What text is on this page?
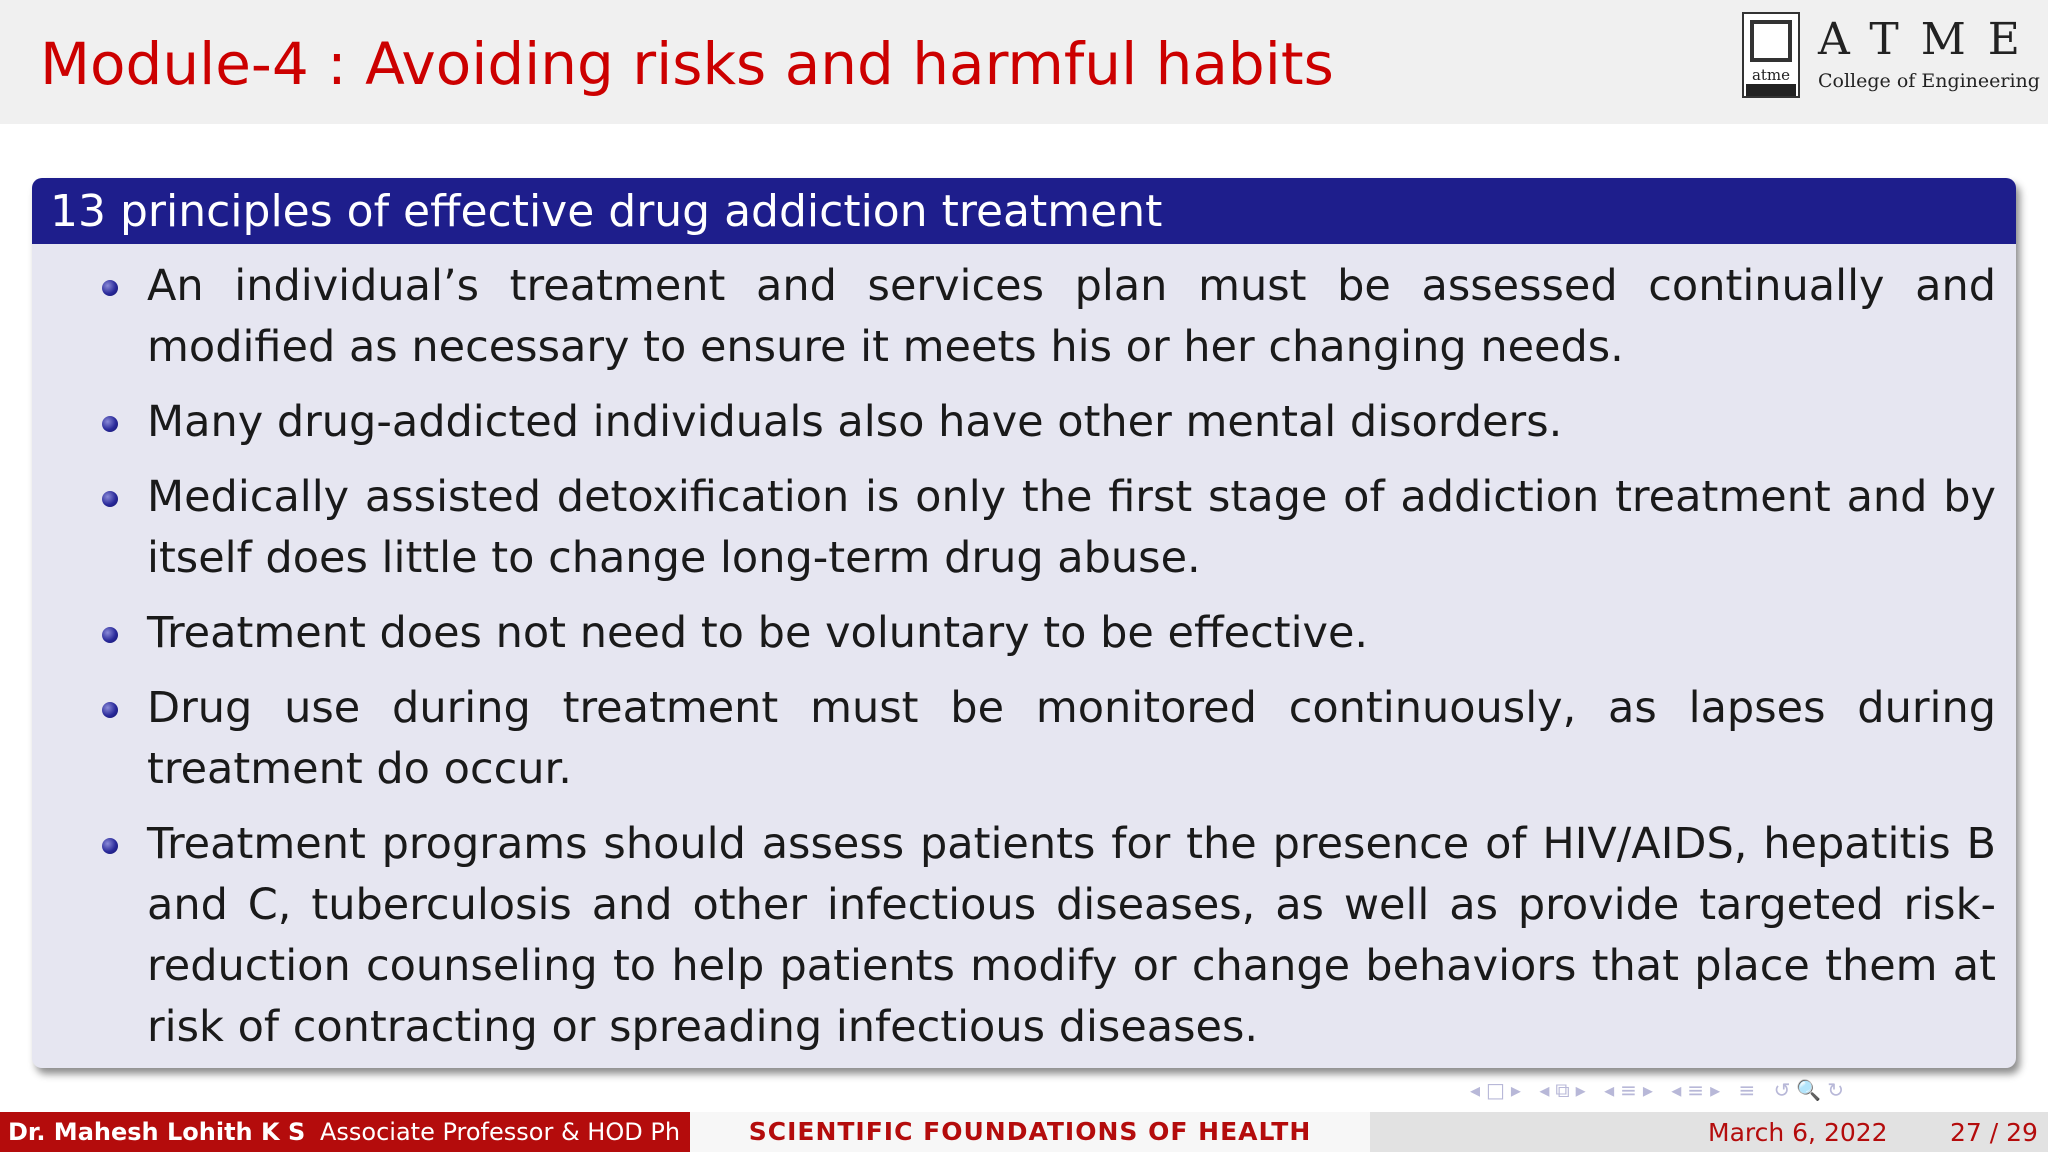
Module-4 : Avoiding risks and harmful habits	atme
ATME
College of Engineering
13 principles of effective drug addiction treatment
An individual’s treatment and services plan must be assessed continually and modified as necessary to ensure it meets his or her changing needs.
Many drug-addicted individuals also have other mental disorders.
Medically assisted detoxification is only the first stage of addiction treatment and by itself does little to change long-term drug abuse.
Treatment does not need to be voluntary to be effective.
Drug use during treatment must be monitored continuously, as lapses during treatment do occur.
Treatment programs should assess patients for the presence of HIV/AIDS, hepatitis B and C, tuberculosis and other infectious diseases, as well as provide targeted risk-reduction counseling to help patients modify or change behaviors that place them at risk of contracting or spreading infectious diseases.
◂□▸ ◂⧉▸ ◂≡▸ ◂≡▸ ≡ ↺🔍↻
Dr. Mahesh Lohith K S Associate Professor & HOD Ph	SCIENTIFIC FOUNDATIONS OF HEALTH	March 6, 2022 27 / 29
